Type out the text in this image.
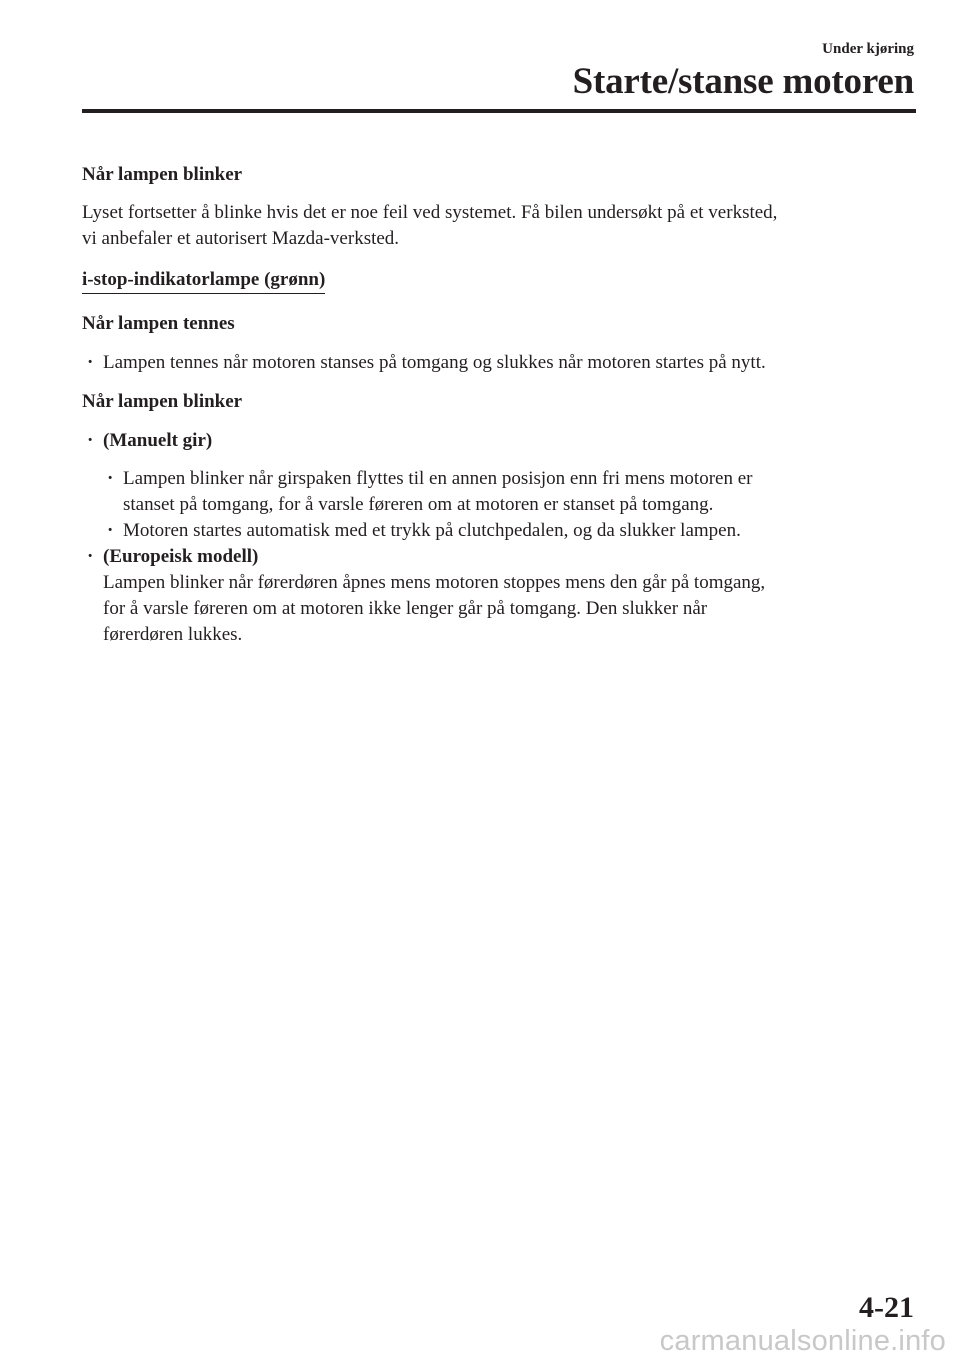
Under kjøring
Starte/stanse motoren

Når lampen blinker

Lyset fortsetter å blinke hvis det er noe feil ved systemet. Få bilen undersøkt på et verksted,
vi anbefaler et autorisert Mazda-verksted.

i-stop-indikatorlampe (grønn)

Når lampen tennes

· Lampen tennes når motoren stanses på tomgang og slukkes når motoren startes på nytt.

Når lampen blinker

· (Manuelt gir)

· Lampen blinker når girspaken flyttes til en annen posisjon enn fri mens motoren er
stanset på tomgang, for å varsle føreren om at motoren er stanset på tomgang.

· Motoren startes automatisk med et trykk på clutchpedalen, og da slukker lampen.

· (Europeisk modell)
Lampen blinker når førerdøren åpnes mens motoren stoppes mens den går på tomgang,
for å varsle føreren om at motoren ikke lenger går på tomgang. Den slukker når
førerdøren lukkes.

4-21
carmanualsonline.info
